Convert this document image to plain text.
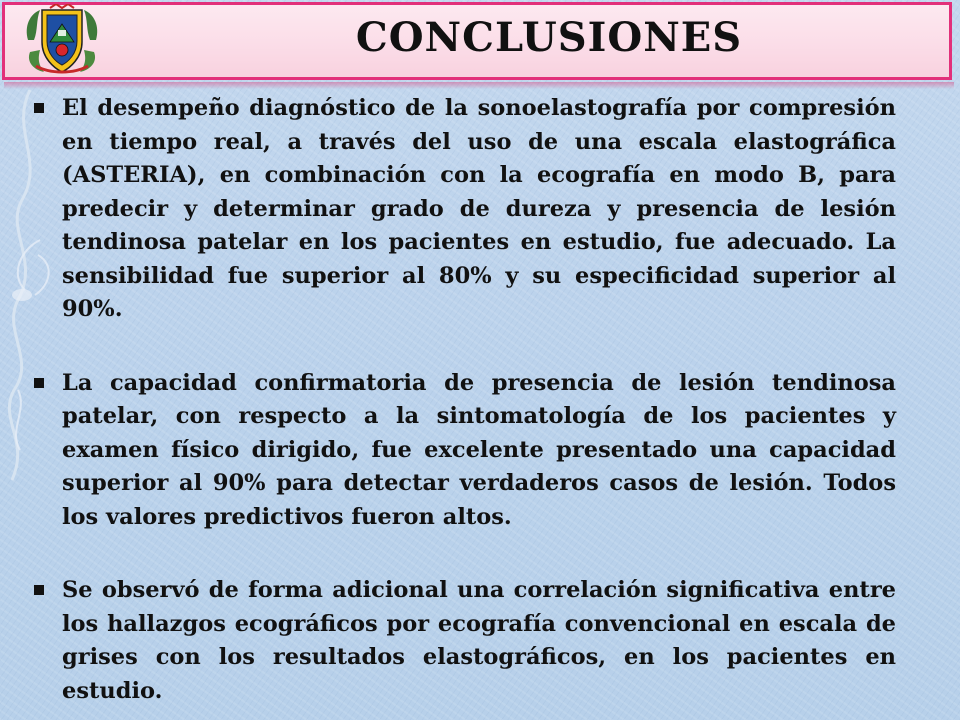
CONCLUSIONES

El desempeño diagnóstico de la sonoelastografía por compresión en tiempo real, a través del uso de una escala elastográfica (ASTERIA), en combinación con la ecografía en modo B, para predecir y determinar grado de dureza y presencia de lesión tendinosa patelar en los pacientes en estudio, fue adecuado. La sensibilidad fue superior al 80% y su especificidad superior al 90%.

La capacidad confirmatoria de presencia de lesión tendinosa patelar, con respecto a la sintomatología de los pacientes y examen físico dirigido, fue excelente presentado una capacidad superior al 90% para detectar verdaderos casos de lesión. Todos los valores predictivos fueron altos.

Se observó de forma adicional una correlación significativa entre los hallazgos ecográficos por ecografía convencional en escala de grises con los resultados elastográficos, en los pacientes en estudio.
